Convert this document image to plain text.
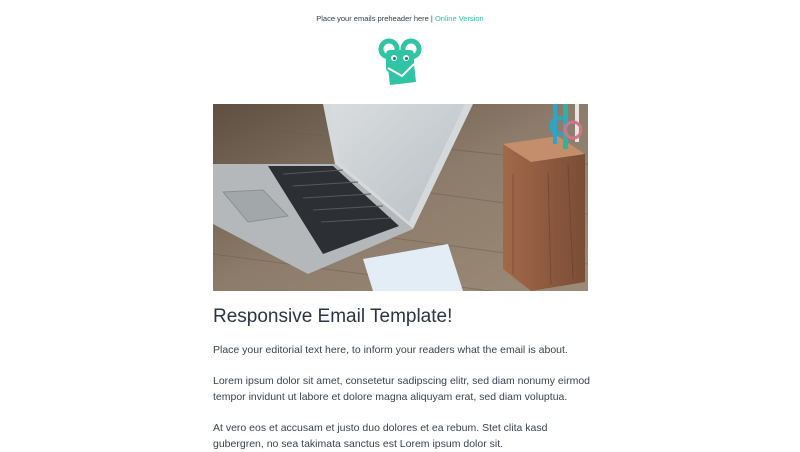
Place your emails preheader here | Online Version
Responsive Email Template!

Place your editorial text here, to inform your readers what the email is about.

Lorem ipsum dolor sit amet, consetetur sadipscing elitr, sed diam nonumy eirmod tempor invidunt ut labore et dolore magna aliquyam erat, sed diam voluptua.

At vero eos et accusam et justo duo dolores et ea rebum. Stet clita kasd gubergren, no sea takimata sanctus est Lorem ipsum dolor sit.
